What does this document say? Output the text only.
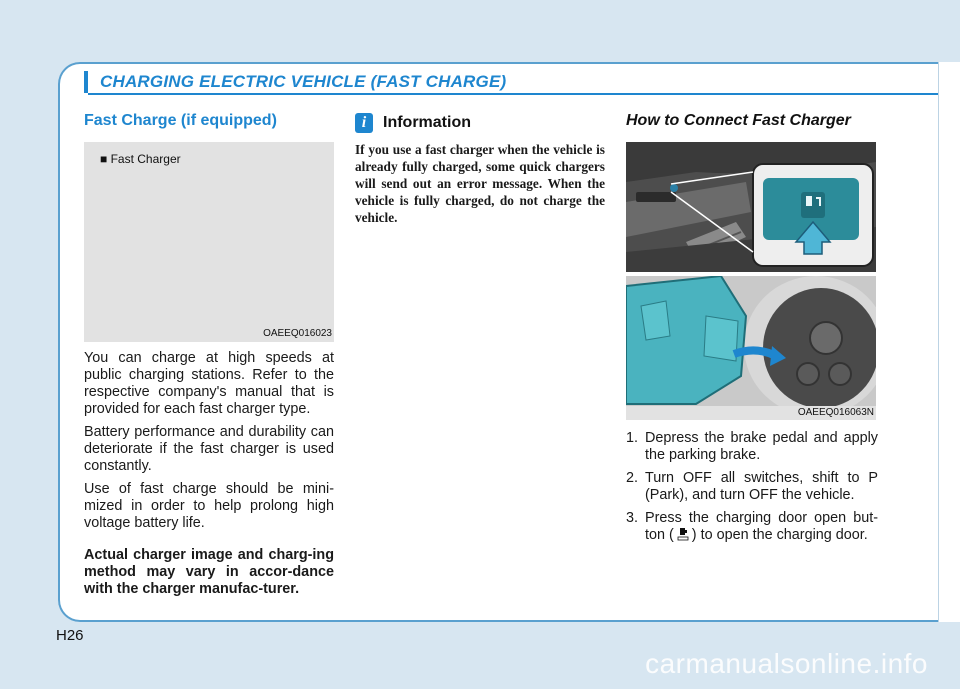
CHARGING ELECTRIC VEHICLE (FAST CHARGE)
Fast Charge (if equipped)
■ Fast Charger
OAEEQ016023

You can charge at high speeds at public charging stations. Refer to the respective company's manual that is provided for each fast charger type.

Battery performance and durability can deteriorate if the fast charger is used constantly.

Use of fast charge should be mini-mized in order to help prolong high voltage battery life.

Actual charger image and charg-ing method may vary in accor-dance with the charger manufac-turer.

i	Information

If you use a fast charger when the vehicle is already fully charged, some quick chargers will send out an error message. When the vehicle is fully charged, do not charge the vehicle.

How to Connect Fast Charger
OAEEQ016063N
1. Depress the brake pedal and apply the parking brake.
2. Turn OFF all switches, shift to P (Park), and turn OFF the vehicle.
3. Press the charging door open but-ton ( ) to open the charging door.
H26
carmanualsonline.info
